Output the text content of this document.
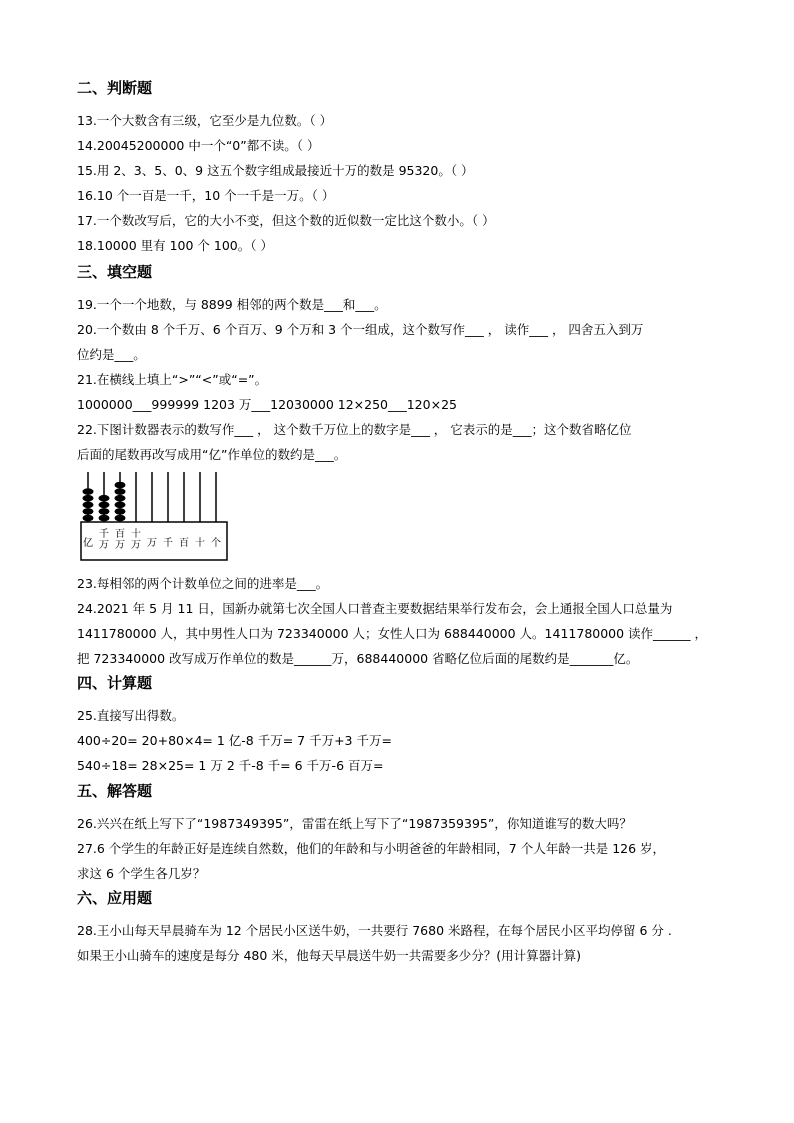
二、判断题
13.一个大数含有三级，它至少是九位数。（ ）
14.20045200000 中一个“0”都不读。（ ）
15.用 2、3、5、0、9 这五个数字组成最接近十万的数是 95320。（ ）
16.10 个一百是一千，10 个一千是一万。（ ）
17.一个数改写后，它的大小不变，但这个数的近似数一定比这个数小。（ ）
18.10000 里有 100 个 100。（ ）
三、填空题
19.一个一个地数，与 8899 相邻的两个数是___和___。
20.一个数由 8 个千万、6 个百万、9 个万和 3 个一组成，这个数写作___ ， 读作___ ， 四舍五入到万
位约是___。
21.在横线上填上“>”“<”或“=”。
1000000___999999 1203 万___12030000 12×250___120×25
22.下图计数器表示的数写作___ ， 这个数千万位上的数字是___ ， 它表示的是___；这个数省略亿位
后面的尾数再改写成用“亿”作单位的数约是___。
亿
千
万
百
万
十
万 万 千 百 十 个
23.每相邻的两个计数单位之间的进率是___。
24.2021 年 5 月 11 日，国新办就第七次全国人口普查主要数据结果举行发布会，会上通报全国人口总量为
1411780000 人，其中男性人口为 723340000 人；女性人口为 688440000 人。1411780000 读作______ ，
把 723340000 改写成万作单位的数是______万，688440000 省略亿位后面的尾数约是_______亿。
四、计算题
25.直接写出得数。
400÷20= 20+80×4= 1 亿-8 千万= 7 千万+3 千万=
540÷18= 28×25= 1 万 2 千-8 千= 6 千万-6 百万=
五、解答题
26.兴兴在纸上写下了“1987349395”，雷雷在纸上写下了“1987359395”，你知道谁写的数大吗？
27.6 个学生的年龄正好是连续自然数，他们的年龄和与小明爸爸的年龄相同，7 个人年龄一共是 126 岁，
求这 6 个学生各几岁？
六、应用题
28.王小山每天早晨骑车为 12 个居民小区送牛奶，一共要行 7680 米路程，在每个居民小区平均停留 6 分 .
如果王小山骑车的速度是每分 480 米，他每天早晨送牛奶一共需要多少分？(用计算器计算)
